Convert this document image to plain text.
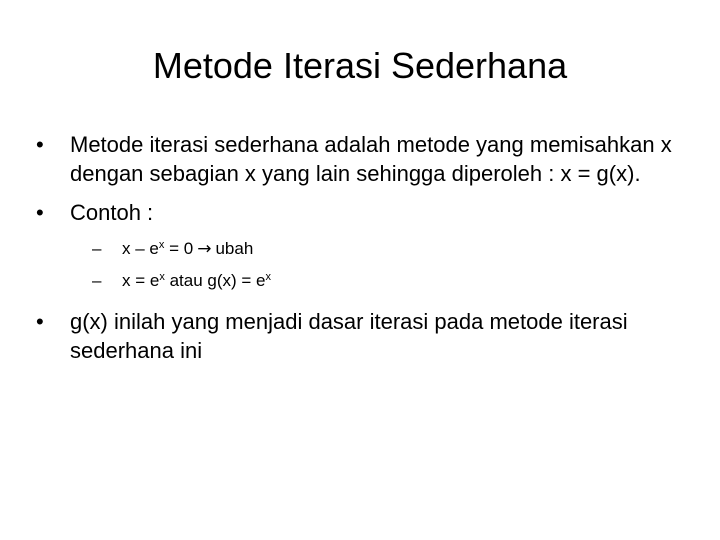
Metode Iterasi Sederhana
•	Metode iterasi sederhana adalah metode yang memisahkan x dengan sebagian x yang lain sehingga diperoleh : x = g(x).
•	Contoh :
– $x - e^x = 0$ → ubah
– $x = e^x$ atau $g(x) = e^x$
•	g(x) inilah yang menjadi dasar iterasi pada metode iterasi sederhana ini
